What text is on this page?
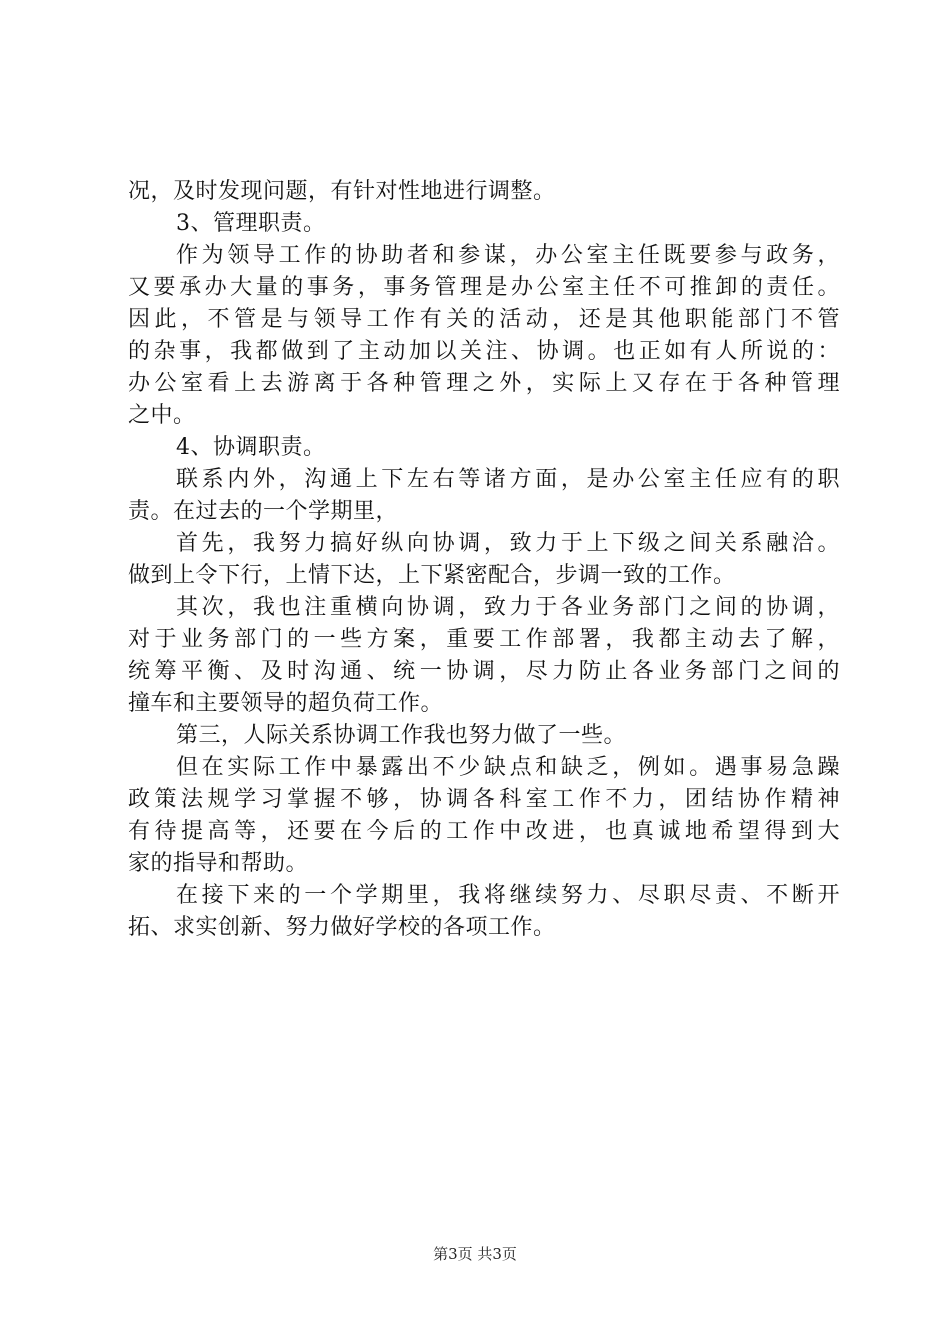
况，及时发现问题，有针对性地进行调整。
3、管理职责。
作为领导工作的协助者和参谋，办公室主任既要参与政务，
又要承办大量的事务，事务管理是办公室主任不可推卸的责任。
因此，不管是与领导工作有关的活动，还是其他职能部门不管
的杂事，我都做到了主动加以关注、协调。也正如有人所说的：
办公室看上去游离于各种管理之外，实际上又存在于各种管理
之中。
4、协调职责。
联系内外，沟通上下左右等诸方面，是办公室主任应有的职
责。在过去的一个学期里，
首先，我努力搞好纵向协调，致力于上下级之间关系融洽。
做到上令下行，上情下达，上下紧密配合，步调一致的工作。
其次，我也注重横向协调，致力于各业务部门之间的协调，
对于业务部门的一些方案，重要工作部署，我都主动去了解，
统筹平衡、及时沟通、统一协调，尽力防止各业务部门之间的
撞车和主要领导的超负荷工作。
第三，人际关系协调工作我也努力做了一些。
但在实际工作中暴露出不少缺点和缺乏，例如。遇事易急躁
政策法规学习掌握不够，协调各科室工作不力，团结协作精神
有待提高等，还要在今后的工作中改进，也真诚地希望得到大
家的指导和帮助。
在接下来的一个学期里，我将继续努力、尽职尽责、不断开
拓、求实创新、努力做好学校的各项工作。
第3页 共3页
